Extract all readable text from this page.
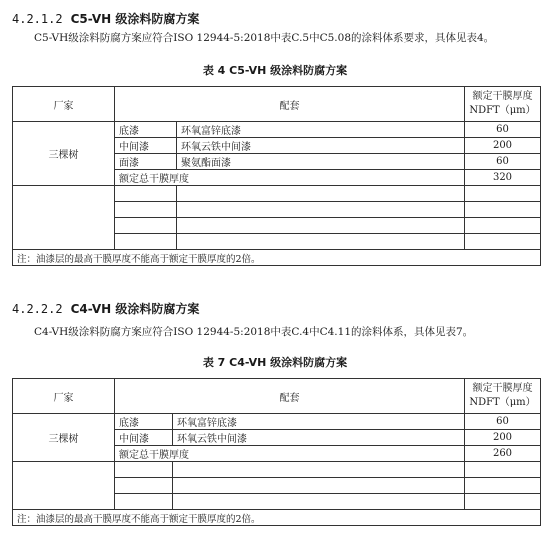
4.2.1.2 C5-VH 级涂料防腐方案
C5-VH级涂料防腐方案应符合ISO 12944-5:2018中表C.5中C5.08的涂料体系要求，具体见表4。
表 4 C5-VH 级涂料防腐方案
厂家	配套		额定干膜厚度
NDFT（μm）
三棵树	底漆	环氧富锌底漆	60
	中间漆	环氧云铁中间漆	200
	面漆	聚氨酯面漆	60
	额定总干膜厚度		320

注：油漆层的最高干膜厚度不能高于额定干膜厚度的2倍。			
4.2.2.2 C4-VH 级涂料防腐方案
C4-VH级涂料防腐方案应符合ISO 12944-5:2018中表C.4中C4.11的涂料体系，具体见表7。
表 7 C4-VH 级涂料防腐方案
厂家	配套		额定干膜厚度
NDFT（μm）
三棵树	底漆	环氧富锌底漆	60
	中间漆	环氧云铁中间漆	200
	额定总干膜厚度		260

注：油漆层的最高干膜厚度不能高于额定干膜厚度的2倍。			
